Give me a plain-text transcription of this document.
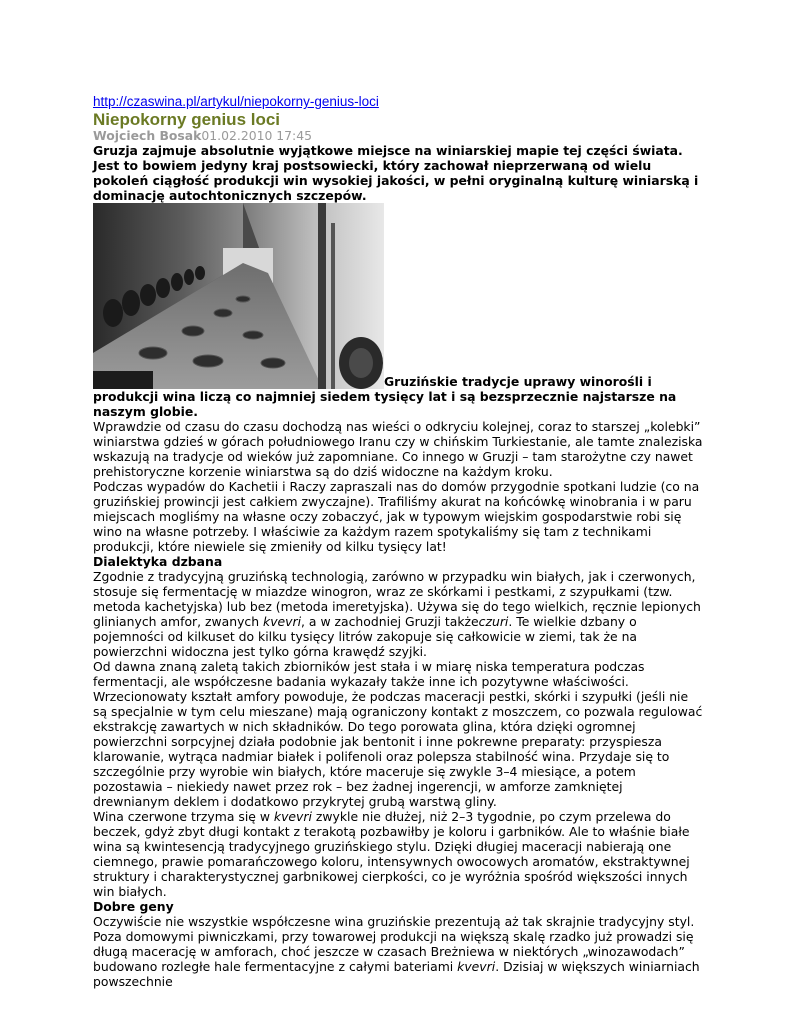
http://czaswina.pl/artykul/niepokorny-genius-loci
Niepokorny genius loci
Wojciech Bosak01.02.2010 17:45

Gruzja zajmuje absolutnie wyjątkowe miejsce na winiarskiej mapie tej części świata. Jest to bowiem jedyny kraj postsowiecki, który zachował nieprzerwaną od wielu pokoleń ciągłość produkcji win wysokiej jakości, w pełni oryginalną kulturę winiarską i dominację autochtonicznych szczepów.

Gruzińskie tradycje uprawy winorośli i produkcji wina liczą co najmniej siedem tysięcy lat i są bezsprzecznie najstarsze na naszym globie.

Wprawdzie od czasu do czasu dochodzą nas wieści o odkryciu kolejnej, coraz to starszej „kolebki” winiarstwa gdzieś w górach południowego Iranu czy w chińskim Turkiestanie, ale tamte znaleziska wskazują na tradycje od wieków już zapomniane. Co innego w Gruzji – tam starożytne czy nawet prehistoryczne korzenie winiarstwa są do dziś widoczne na każdym kroku.

Podczas wypadów do Kachetii i Raczy zapraszali nas do domów przygodnie spotkani ludzie (co na gruzińskiej prowincji jest całkiem zwyczajne). Trafiliśmy akurat na końcówkę winobrania i w paru miejscach mogliśmy na własne oczy zobaczyć, jak w typowym wiejskim gospodarstwie robi się wino na własne potrzeby. I właściwie za każdym razem spotykaliśmy się tam z technikami produkcji, które niewiele się zmieniły od kilku tysięcy lat!

Dialektyka dzbana

Zgodnie z tradycyjną gruzińską technologią, zarówno w przypadku win białych, jak i czerwonych, stosuje się fermentację w miazdze winogron, wraz ze skórkami i pestkami, z szypułkami (tzw. metoda kachetyjska) lub bez (metoda imeretyjska). Używa się do tego wielkich, ręcznie lepionych glinianych amfor, zwanych kvevri, a w zachodniej Gruzji takżeczuri. Te wielkie dzbany o pojemności od kilkuset do kilku tysięcy litrów zakopuje się całkowicie w ziemi, tak że na powierzchni widoczna jest tylko górna krawędź szyjki.

Od dawna znaną zaletą takich zbiorników jest stała i w miarę niska temperatura podczas fermentacji, ale współczesne badania wykazały także inne ich pozytywne właściwości. Wrzecionowaty kształt amfory powoduje, że podczas maceracji pestki, skórki i szypułki (jeśli nie są specjalnie w tym celu mieszane) mają ograniczony kontakt z moszczem, co pozwala regulować ekstrakcję zawartych w nich składników. Do tego porowata glina, która dzięki ogromnej powierzchni sorpcyjnej działa podobnie jak bentonit i inne pokrewne preparaty: przyspiesza klarowanie, wytrąca nadmiar białek i polifenoli oraz polepsza stabilność wina. Przydaje się to szczególnie przy wyrobie win białych, które macerujе się zwykle 3–4 miesiące, a potem pozostawia – niekiedy nawet przez rok – bez żadnej ingerencji, w amforze zamkniętej drewnianym deklem i dodatkowo przykrytej grubą warstwą gliny.

Wina czerwone trzyma się w kvevri zwykle nie dłużej, niż 2–3 tygodnie, po czym przelewa do beczek, gdyż zbyt długi kontakt z terakotą pozbawiłby je koloru i garbników. Ale to właśnie białe wina są kwintesencją tradycyjnego gruzińskiego stylu. Dzięki długiej maceracji nabierają one ciemnego, prawie pomarańczowego koloru, intensywnych owocowych aromatów, ekstraktywnej struktury i charakterystycznej garbnikowej cierpkości, co je wyróżnia spośród większości innych win białych.

Dobre geny

Oczywiście nie wszystkie współczesne wina gruzińskie prezentują aż tak skrajnie tradycyjny styl. Poza domowymi piwniczkami, przy towarowej produkcji na większą skalę rzadko już prowadzi się długą macerację w amforach, choć jeszcze w czasach Breżniewa w niektórych „winozawodach” budowano rozległe hale fermentacyjne z całymi bateriami kvevri. Dzisiaj w większych winiarniach powszechnie
